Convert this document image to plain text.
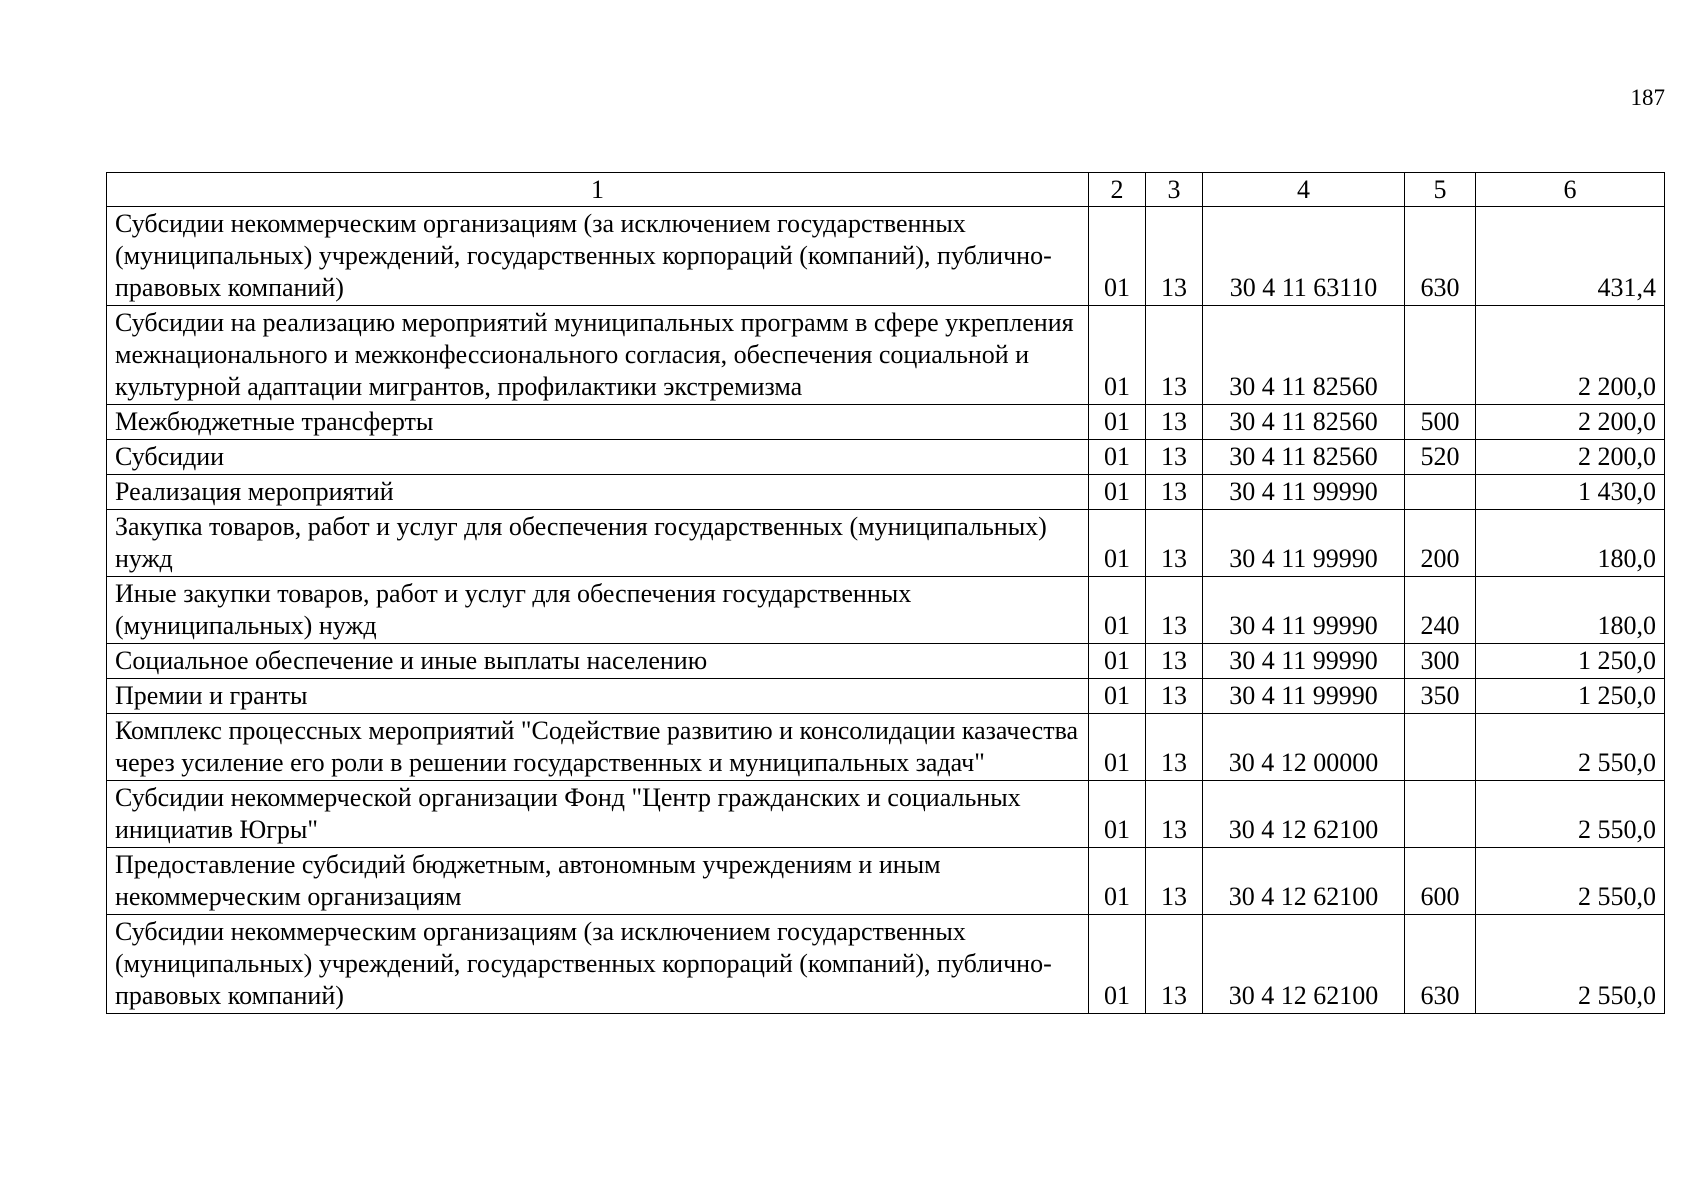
187
1	2	3	4	5	6
Субсидии некоммерческим организациям (за исключением государственных (муниципальных) учреждений, государственных корпораций (компаний), публично-правовых компаний)	01	13	30 4 11 63110	630	431,4
Субсидии на реализацию мероприятий муниципальных программ в сфере укрепления межнационального и межконфессионального согласия, обеспечения социальной и культурной адаптации мигрантов, профилактики экстремизма	01	13	30 4 11 82560		2 200,0
Межбюджетные трансферты	01	13	30 4 11 82560	500	2 200,0
Субсидии	01	13	30 4 11 82560	520	2 200,0
Реализация мероприятий	01	13	30 4 11 99990		1 430,0
Закупка товаров, работ и услуг для обеспечения государственных (муниципальных) нужд	01	13	30 4 11 99990	200	180,0
Иные закупки товаров, работ и услуг для обеспечения государственных (муниципальных) нужд	01	13	30 4 11 99990	240	180,0
Социальное обеспечение и иные выплаты населению	01	13	30 4 11 99990	300	1 250,0
Премии и гранты	01	13	30 4 11 99990	350	1 250,0
Комплекс процессных мероприятий "Содействие развитию и консолидации казачества через усиление его роли в решении государственных и муниципальных задач"	01	13	30 4 12 00000		2 550,0
Субсидии некоммерческой организации Фонд "Центр гражданских и социальных инициатив Югры"	01	13	30 4 12 62100		2 550,0
Предоставление субсидий бюджетным, автономным учреждениям и иным некоммерческим организациям	01	13	30 4 12 62100	600	2 550,0
Субсидии некоммерческим организациям (за исключением государственных (муниципальных) учреждений, государственных корпораций (компаний), публично-правовых компаний)	01	13	30 4 12 62100	630	2 550,0
